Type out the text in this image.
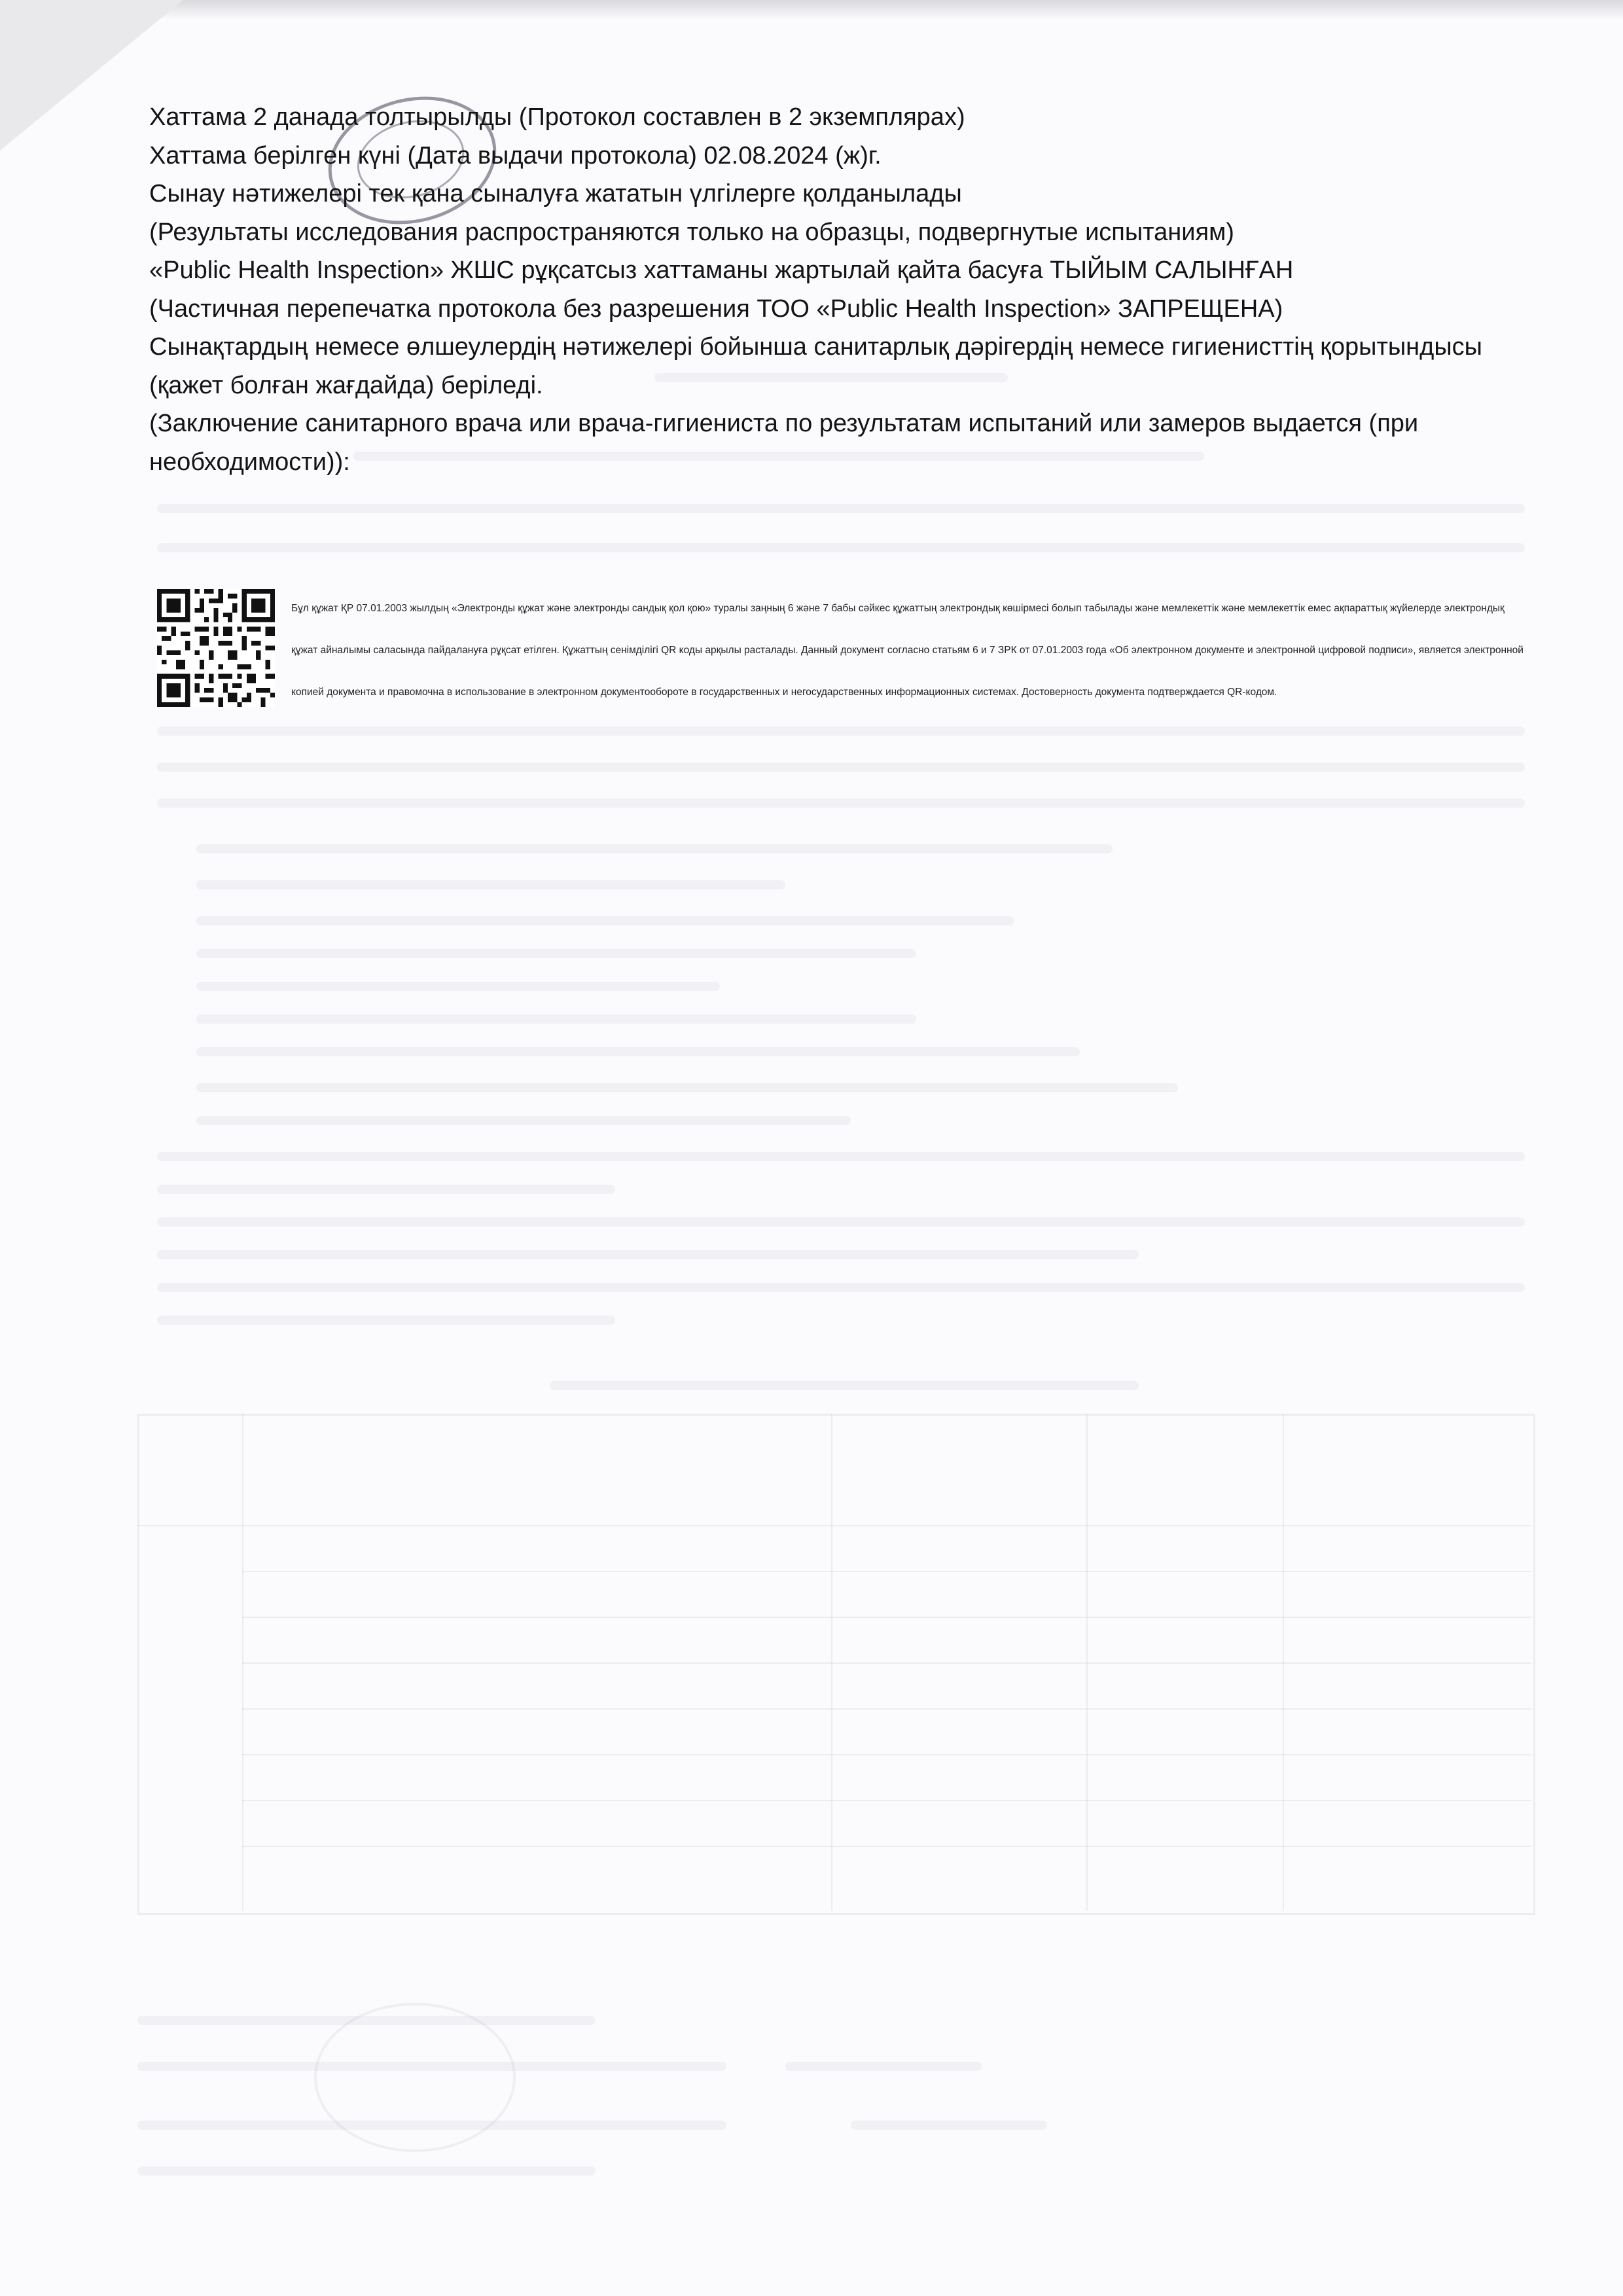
Хаттама 2 данада толтырылды (Протокол составлен в 2 экземплярах)

Хаттама берілген күні (Дата выдачи протокола) 02.08.2024 (ж)г.

Сынау нәтижелері тек қана сыналуға жататын үлгілерге қолданылады

(Результаты исследования распространяются только на образцы, подвергнутые испытаниям)

«Public Health Inspection» ЖШС рұқсатсыз хаттаманы жартылай қайта басуға ТЫЙЫМ САЛЫНҒАН

(Частичная перепечатка протокола без разрешения ТОО «Public Health Inspection» ЗАПРЕЩЕНА)

Сынақтардың немесе өлшеулердің нәтижелері бойынша санитарлық дәрігердің немесе гигиенисттің қорытындысы

(қажет болған жағдайда) беріледі.

(Заключение санитарного врача или врача-гигиениста по результатам испытаний или замеров выдается (при

необходимости)):

Бұл құжат ҚР 07.01.2003 жылдың «Электронды құжат және электронды сандық қол қою» туралы заңның 6 және 7 бабы сәйкес құжаттың электрондық көшірмесі болып табылады және мемлекеттік және мемлекеттік емес ақпараттық жүйелерде электрондық

құжат айналымы саласында пайдалануға рұқсат етілген. Құжаттың сенімділігі QR коды арқылы расталады. Данный документ согласно статьям 6 и 7 ЗРК от 07.01.2003 года «Об электронном документе и электронной цифровой подписи», является электронной

копией документа и правомочна в использование в электронном документообороте в государственных и негосударственных информационных системах. Достоверность документа подтверждается QR-кодом.
